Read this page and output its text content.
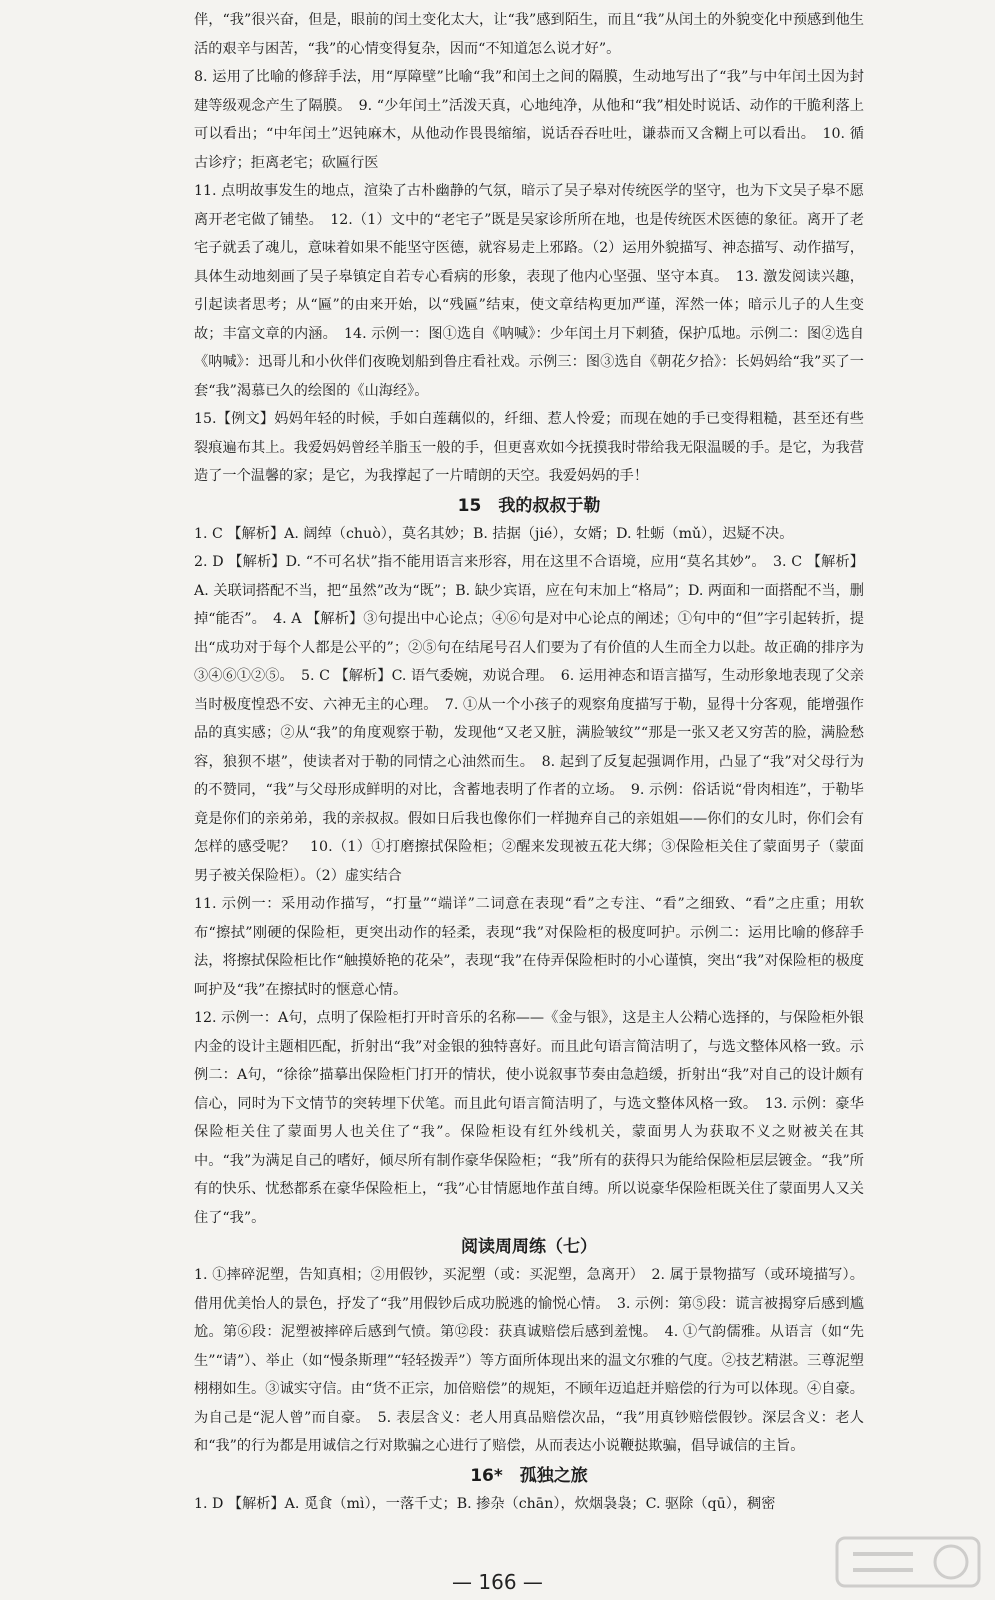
伴，“我”很兴奋，但是，眼前的闰土变化太大，让“我”感到陌生，而且“我”从闰土的外貌变化中预感到他生活的艰辛与困苦，“我”的心情变得复杂，因而“不知道怎么说才好”。

8. 运用了比喻的修辞手法，用“厚障壁”比喻“我”和闰土之间的隔膜，生动地写出了“我”与中年闰土因为封建等级观念产生了隔膜。　9. “少年闰土”活泼天真，心地纯净，从他和“我”相处时说话、动作的干脆利落上可以看出；“中年闰土”迟钝麻木，从他动作畏畏缩缩，说话吞吞吐吐，谦恭而又含糊上可以看出。　10. 循古诊疗；拒离老宅；砍匾行医

11. 点明故事发生的地点，渲染了古朴幽静的气氛，暗示了吴子皋对传统医学的坚守，也为下文吴子皋不愿离开老宅做了铺垫。　12.（1）文中的“老宅子”既是吴家诊所所在地，也是传统医术医德的象征。离开了老宅子就丢了魂儿，意味着如果不能坚守医德，就容易走上邪路。（2）运用外貌描写、神态描写、动作描写，具体生动地刻画了吴子皋镇定自若专心看病的形象，表现了他内心坚强、坚守本真。　13. 激发阅读兴趣，引起读者思考；从“匾”的由来开始，以“残匾”结束，使文章结构更加严谨，浑然一体；暗示儿子的人生变故；丰富文章的内涵。　14. 示例一：图①选自《呐喊》：少年闰土月下刺猹，保护瓜地。示例二：图②选自《呐喊》：迅哥儿和小伙伴们夜晚划船到鲁庄看社戏。示例三：图③选自《朝花夕拾》：长妈妈给“我”买了一套“我”渴慕已久的绘图的《山海经》。

15.【例文】妈妈年轻的时候，手如白莲藕似的，纤细、惹人怜爱；而现在她的手已变得粗糙，甚至还有些裂痕遍布其上。我爱妈妈曾经羊脂玉一般的手，但更喜欢如今抚摸我时带给我无限温暖的手。是它，为我营造了一个温馨的家；是它，为我撑起了一片晴朗的天空。我爱妈妈的手！

15　我的叔叔于勒

1. C 【解析】A. 阔绰（chuò），莫名其妙；B. 拮据（jié），女婿；D. 牡蛎（mǔ），迟疑不决。

2. D 【解析】D. “不可名状”指不能用语言来形容，用在这里不合语境，应用“莫名其妙”。　3. C 【解析】A. 关联词搭配不当，把“虽然”改为“既”；B. 缺少宾语，应在句末加上“格局”；D. 两面和一面搭配不当，删掉“能否”。　4. A 【解析】③句提出中心论点；④⑥句是对中心论点的阐述；①句中的“但”字引起转折，提出“成功对于每个人都是公平的”；②⑤句在结尾号召人们要为了有价值的人生而全力以赴。故正确的排序为③④⑥①②⑤。　5. C 【解析】C. 语气委婉，劝说合理。　6. 运用神态和语言描写，生动形象地表现了父亲当时极度惶恐不安、六神无主的心理。　7. ①从一个小孩子的观察角度描写于勒，显得十分客观，能增强作品的真实感；②从“我”的角度观察于勒，发现他“又老又脏，满脸皱纹”“那是一张又老又穷苦的脸，满脸愁容，狼狈不堪”，使读者对于勒的同情之心油然而生。　8. 起到了反复起强调作用，凸显了“我”对父母行为的不赞同，“我”与父母形成鲜明的对比，含蓄地表明了作者的立场。　9. 示例：俗话说“骨肉相连”，于勒毕竟是你们的亲弟弟，我的亲叔叔。假如日后我也像你们一样抛弃自己的亲姐姐——你们的女儿时，你们会有怎样的感受呢？　10.（1）①打磨擦拭保险柜；②醒来发现被五花大绑；③保险柜关住了蒙面男子（蒙面男子被关保险柜）。（2）虚实结合

11. 示例一：采用动作描写，“打量”“端详”二词意在表现“看”之专注、“看”之细致、“看”之庄重；用软布“擦拭”刚硬的保险柜，更突出动作的轻柔，表现“我”对保险柜的极度呵护。示例二：运用比喻的修辞手法，将擦拭保险柜比作“触摸娇艳的花朵”，表现“我”在侍弄保险柜时的小心谨慎，突出“我”对保险柜的极度呵护及“我”在擦拭时的惬意心情。

12. 示例一：A句，点明了保险柜打开时音乐的名称——《金与银》，这是主人公精心选择的，与保险柜外银内金的设计主题相匹配，折射出“我”对金银的独特喜好。而且此句语言简洁明了，与选文整体风格一致。示例二：A句，“徐徐”描摹出保险柜门打开的情状，使小说叙事节奏由急趋缓，折射出“我”对自己的设计颇有信心，同时为下文情节的突转埋下伏笔。而且此句语言简洁明了，与选文整体风格一致。　13. 示例：豪华保险柜关住了蒙面男人也关住了“我”。保险柜设有红外线机关，蒙面男人为获取不义之财被关在其中。“我”为满足自己的嗜好，倾尽所有制作豪华保险柜；“我”所有的获得只为能给保险柜层层镀金。“我”所有的快乐、忧愁都系在豪华保险柜上，“我”心甘情愿地作茧自缚。所以说豪华保险柜既关住了蒙面男人又关住了“我”。

阅读周周练（七）

1. ①摔碎泥塑，告知真相；②用假钞，买泥塑（或：买泥塑，急离开）　2. 属于景物描写（或环境描写）。借用优美怡人的景色，抒发了“我”用假钞后成功脱逃的愉悦心情。　3. 示例：第⑤段：谎言被揭穿后感到尴尬。第⑥段：泥塑被摔碎后感到气愤。第⑫段：获真诚赔偿后感到羞愧。　4. ①气韵儒雅。从语言（如“先生”“请”）、举止（如“慢条斯理”“轻轻拨弄”）等方面所体现出来的温文尔雅的气度。②技艺精湛。三尊泥塑栩栩如生。③诚实守信。由“货不正宗，加倍赔偿”的规矩，不顾年迈追赶并赔偿的行为可以体现。④自豪。为自己是“泥人曾”而自豪。　5. 表层含义：老人用真品赔偿次品，“我”用真钞赔偿假钞。深层含义：老人和“我”的行为都是用诚信之行对欺骗之心进行了赔偿，从而表达小说鞭挞欺骗，倡导诚信的主旨。

16*　孤独之旅

1. D 【解析】A. 觅食（mì），一落千丈；B. 掺杂（chān），炊烟袅袅；C. 驱除（qū），稠密

— 166 —
